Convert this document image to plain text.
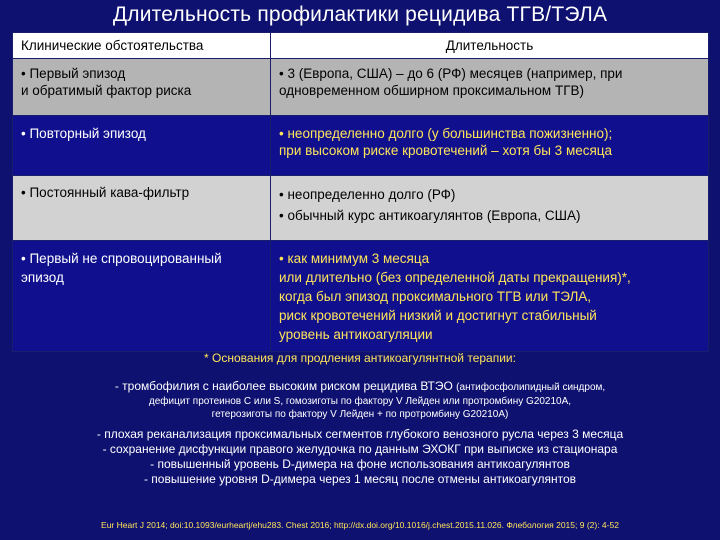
Длительность профилактики рецидива ТГВ/ТЭЛА
Клинические обстоятельства	Длительность

• Первый эпизод
и обратимый фактор риска	• 3 (Европа, США) – до 6 (РФ) месяцев (например, при
одновременном обширном проксимальном ТГВ)

• Повторный эпизод	• неопределенно долго (у большинства пожизненно);
при высоком риске кровотечений – хотя бы 3 месяца

• Постоянный кава-фильтр	• неопределенно долго (РФ)
• обычный курс антикоагулянтов (Европа, США)

• Первый не спровоцированный
эпизод	• как минимум 3 месяца
или длительно (без определенной даты прекращения)*,
когда был эпизод проксимального ТГВ или ТЭЛА,
риск кровотечений низкий и достигнут стабильный
уровень антикоагуляции
* Основания для продления антикоагулянтной терапии:
- тромбофилия с наиболее высоким риском рецидива ВТЭО (антифосфолипидный синдром,
дефицит протеинов С или S, гомозиготы по фактору V Лейден или протромбину G20210A,
гетерозиготы по фактору V Лейден + по протромбину G20210A)
- плохая реканализация проксимальных сегментов глубокого венозного русла через 3 месяца
- сохранение дисфункции правого желудочка по данным ЭХОКГ при выписке из стационара
- повышенный уровень D-димера на фоне использования антикоагулянтов
- повышение уровня D-димера через 1 месяц после отмены антикоагулянтов
Eur Heart J 2014; doi:10.1093/eurheartj/ehu283. Chest 2016; http://dx.doi.org/10.1016/j.chest.2015.11.026. Флебология 2015; 9 (2): 4-52
